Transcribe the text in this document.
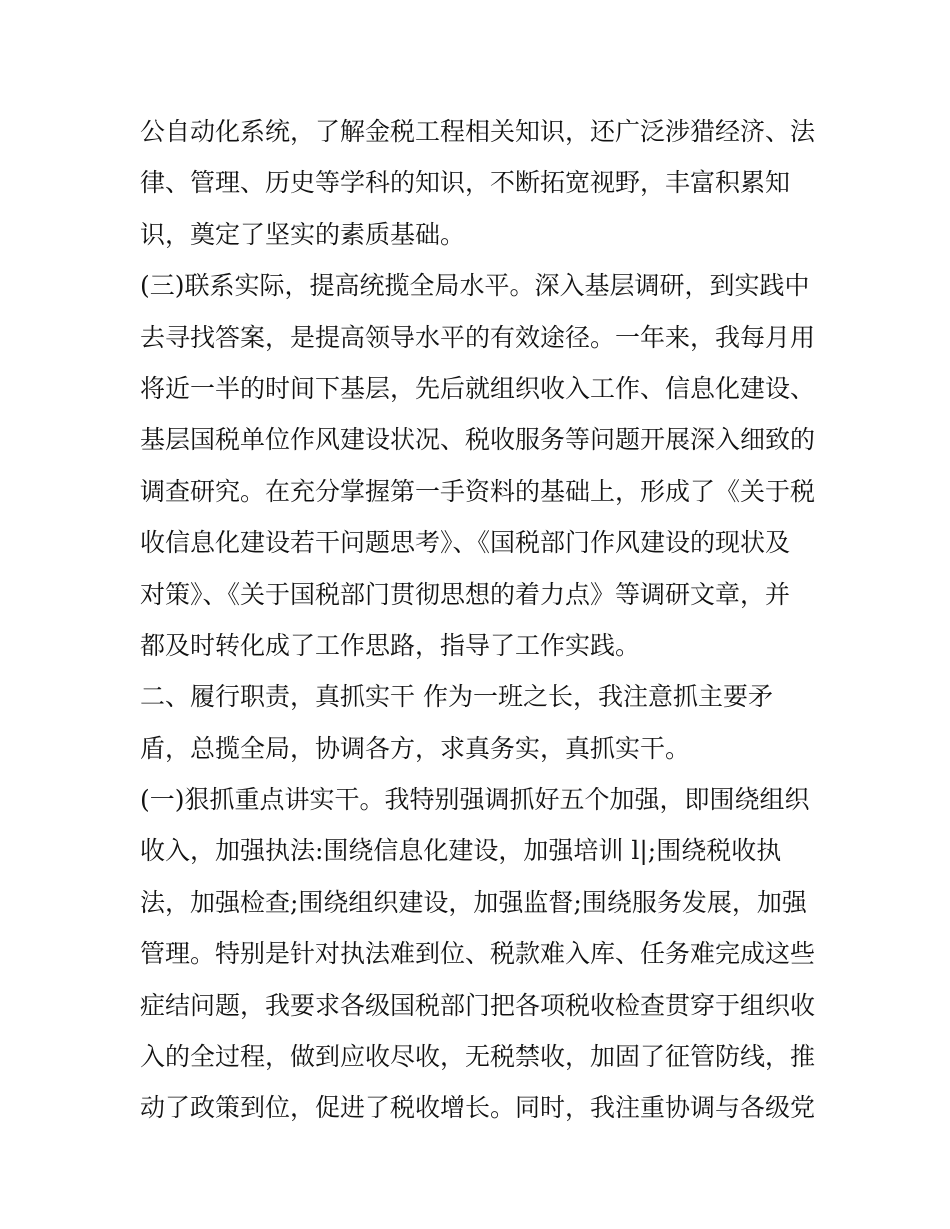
公自动化系统，了解金税工程相关知识，还广泛涉猎经济、法
律、管理、历史等学科的知识，不断拓宽视野，丰富积累知
识，奠定了坚实的素质基础。
(三)联系实际，提高统揽全局水平。深入基层调研，到实践中
去寻找答案，是提高领导水平的有效途径。一年来，我每月用
将近一半的时间下基层，先后就组织收入工作、信息化建设、
基层国税单位作风建设状况、税收服务等问题开展深入细致的
调查研究。在充分掌握第一手资料的基础上，形成了《关于税
收信息化建设若干问题思考》、《国税部门作风建设的现状及
对策》、《关于国税部门贯彻思想的着力点》等调研文章，并
都及时转化成了工作思路，指导了工作实践。
二、履行职责，真抓实干 作为一班之长，我注意抓主要矛
盾，总揽全局，协调各方，求真务实，真抓实干。
(一)狠抓重点讲实干。我特别强调抓好五个加强，即围绕组织
收入，加强执法:围绕信息化建设，加强培训 l|;围绕税收执
法，加强检查;围绕组织建设，加强监督;围绕服务发展，加强
管理。特别是针对执法难到位、税款难入库、任务难完成这些
症结问题，我要求各级国税部门把各项税收检查贯穿于组织收
入的全过程，做到应收尽收，无税禁收，加固了征管防线，推
动了政策到位，促进了税收增长。同时，我注重协调与各级党
